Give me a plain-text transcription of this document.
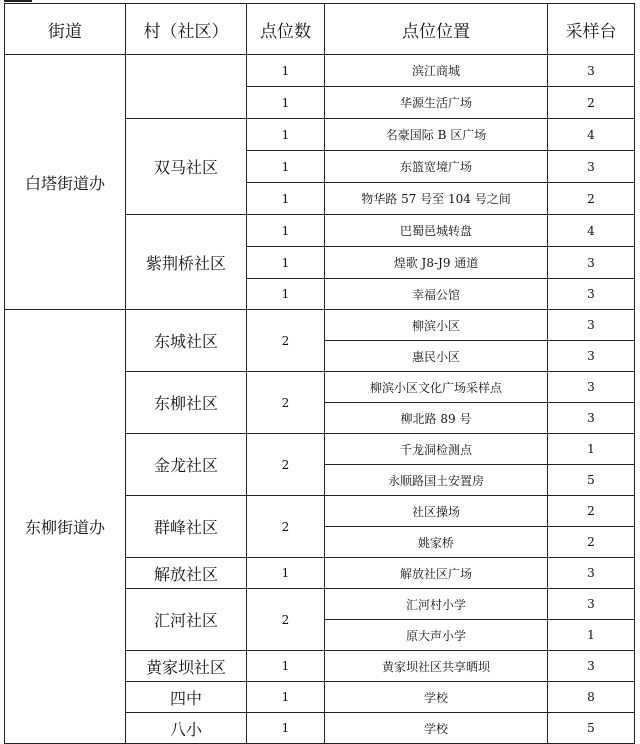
街道	村（社区）	点位数	点位位置	采样台
白塔街道办		1	滨江商城	3
		1	华源生活广场	2
	双马社区	1	名豪国际 B 区广场	4
		1	东篮宽境广场	3
		1	物华路 57 号至 104 号之间	2
	紫荆桥社区	1	巴蜀邑城转盘	4
		1	煌歌 J8-J9 通道	3
		1	幸福公馆	3
东柳街道办	东城社区	2	柳滨小区	3
			惠民小区	3
	东柳社区	2	柳滨小区文化广场采样点	3
			柳北路 89 号	3
	金龙社区	2	千龙洞检测点	1
			永顺路国土安置房	5
	群峰社区	2	社区操场	2
			姚家桥	2
	解放社区	1	解放社区广场	3
	汇河社区	2	汇河村小学	3
			原大声小学	1
	黄家坝社区	1	黄家坝社区共享晒坝	3
	四中	1	学校	8
	八小	1	学校	5
